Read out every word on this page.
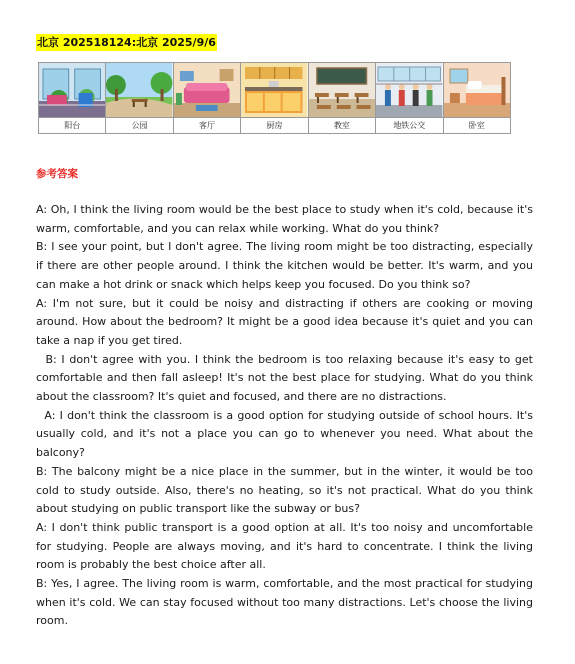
北京 202518124:北京 2025/9/6
阳台	公园	客厅	厨房	教室	地铁公交	卧室
参考答案

A: Oh, I think the living room would be the best place to study when it's cold, because it's warm, comfortable, and you can relax while working. What do you think?

B: I see your point, but I don't agree. The living room might be too distracting, especially if there are other people around. I think the kitchen would be better. It's warm, and you can make a hot drink or snack which helps keep you focused. Do you think so?

A: I'm not sure, but it could be noisy and distracting if others are cooking or moving around. How about the bedroom? It might be a good idea because it's quiet and you can take a nap if you get tired.

B: I don't agree with you. I think the bedroom is too relaxing because it's easy to get comfortable and then fall asleep! It's not the best place for studying. What do you think about the classroom? It's quiet and focused, and there are no distractions.

A: I don't think the classroom is a good option for studying outside of school hours. It's usually cold, and it's not a place you can go to whenever you need. What about the balcony?

B: The balcony might be a nice place in the summer, but in the winter, it would be too cold to study outside. Also, there's no heating, so it's not practical. What do you think about studying on public transport like the subway or bus?

A: I don't think public transport is a good option at all. It's too noisy and uncomfortable for studying. People are always moving, and it's hard to concentrate. I think the living room is probably the best choice after all.

B: Yes, I agree. The living room is warm, comfortable, and the most practical for studying when it's cold. We can stay focused without too many distractions. Let's choose the living room.
